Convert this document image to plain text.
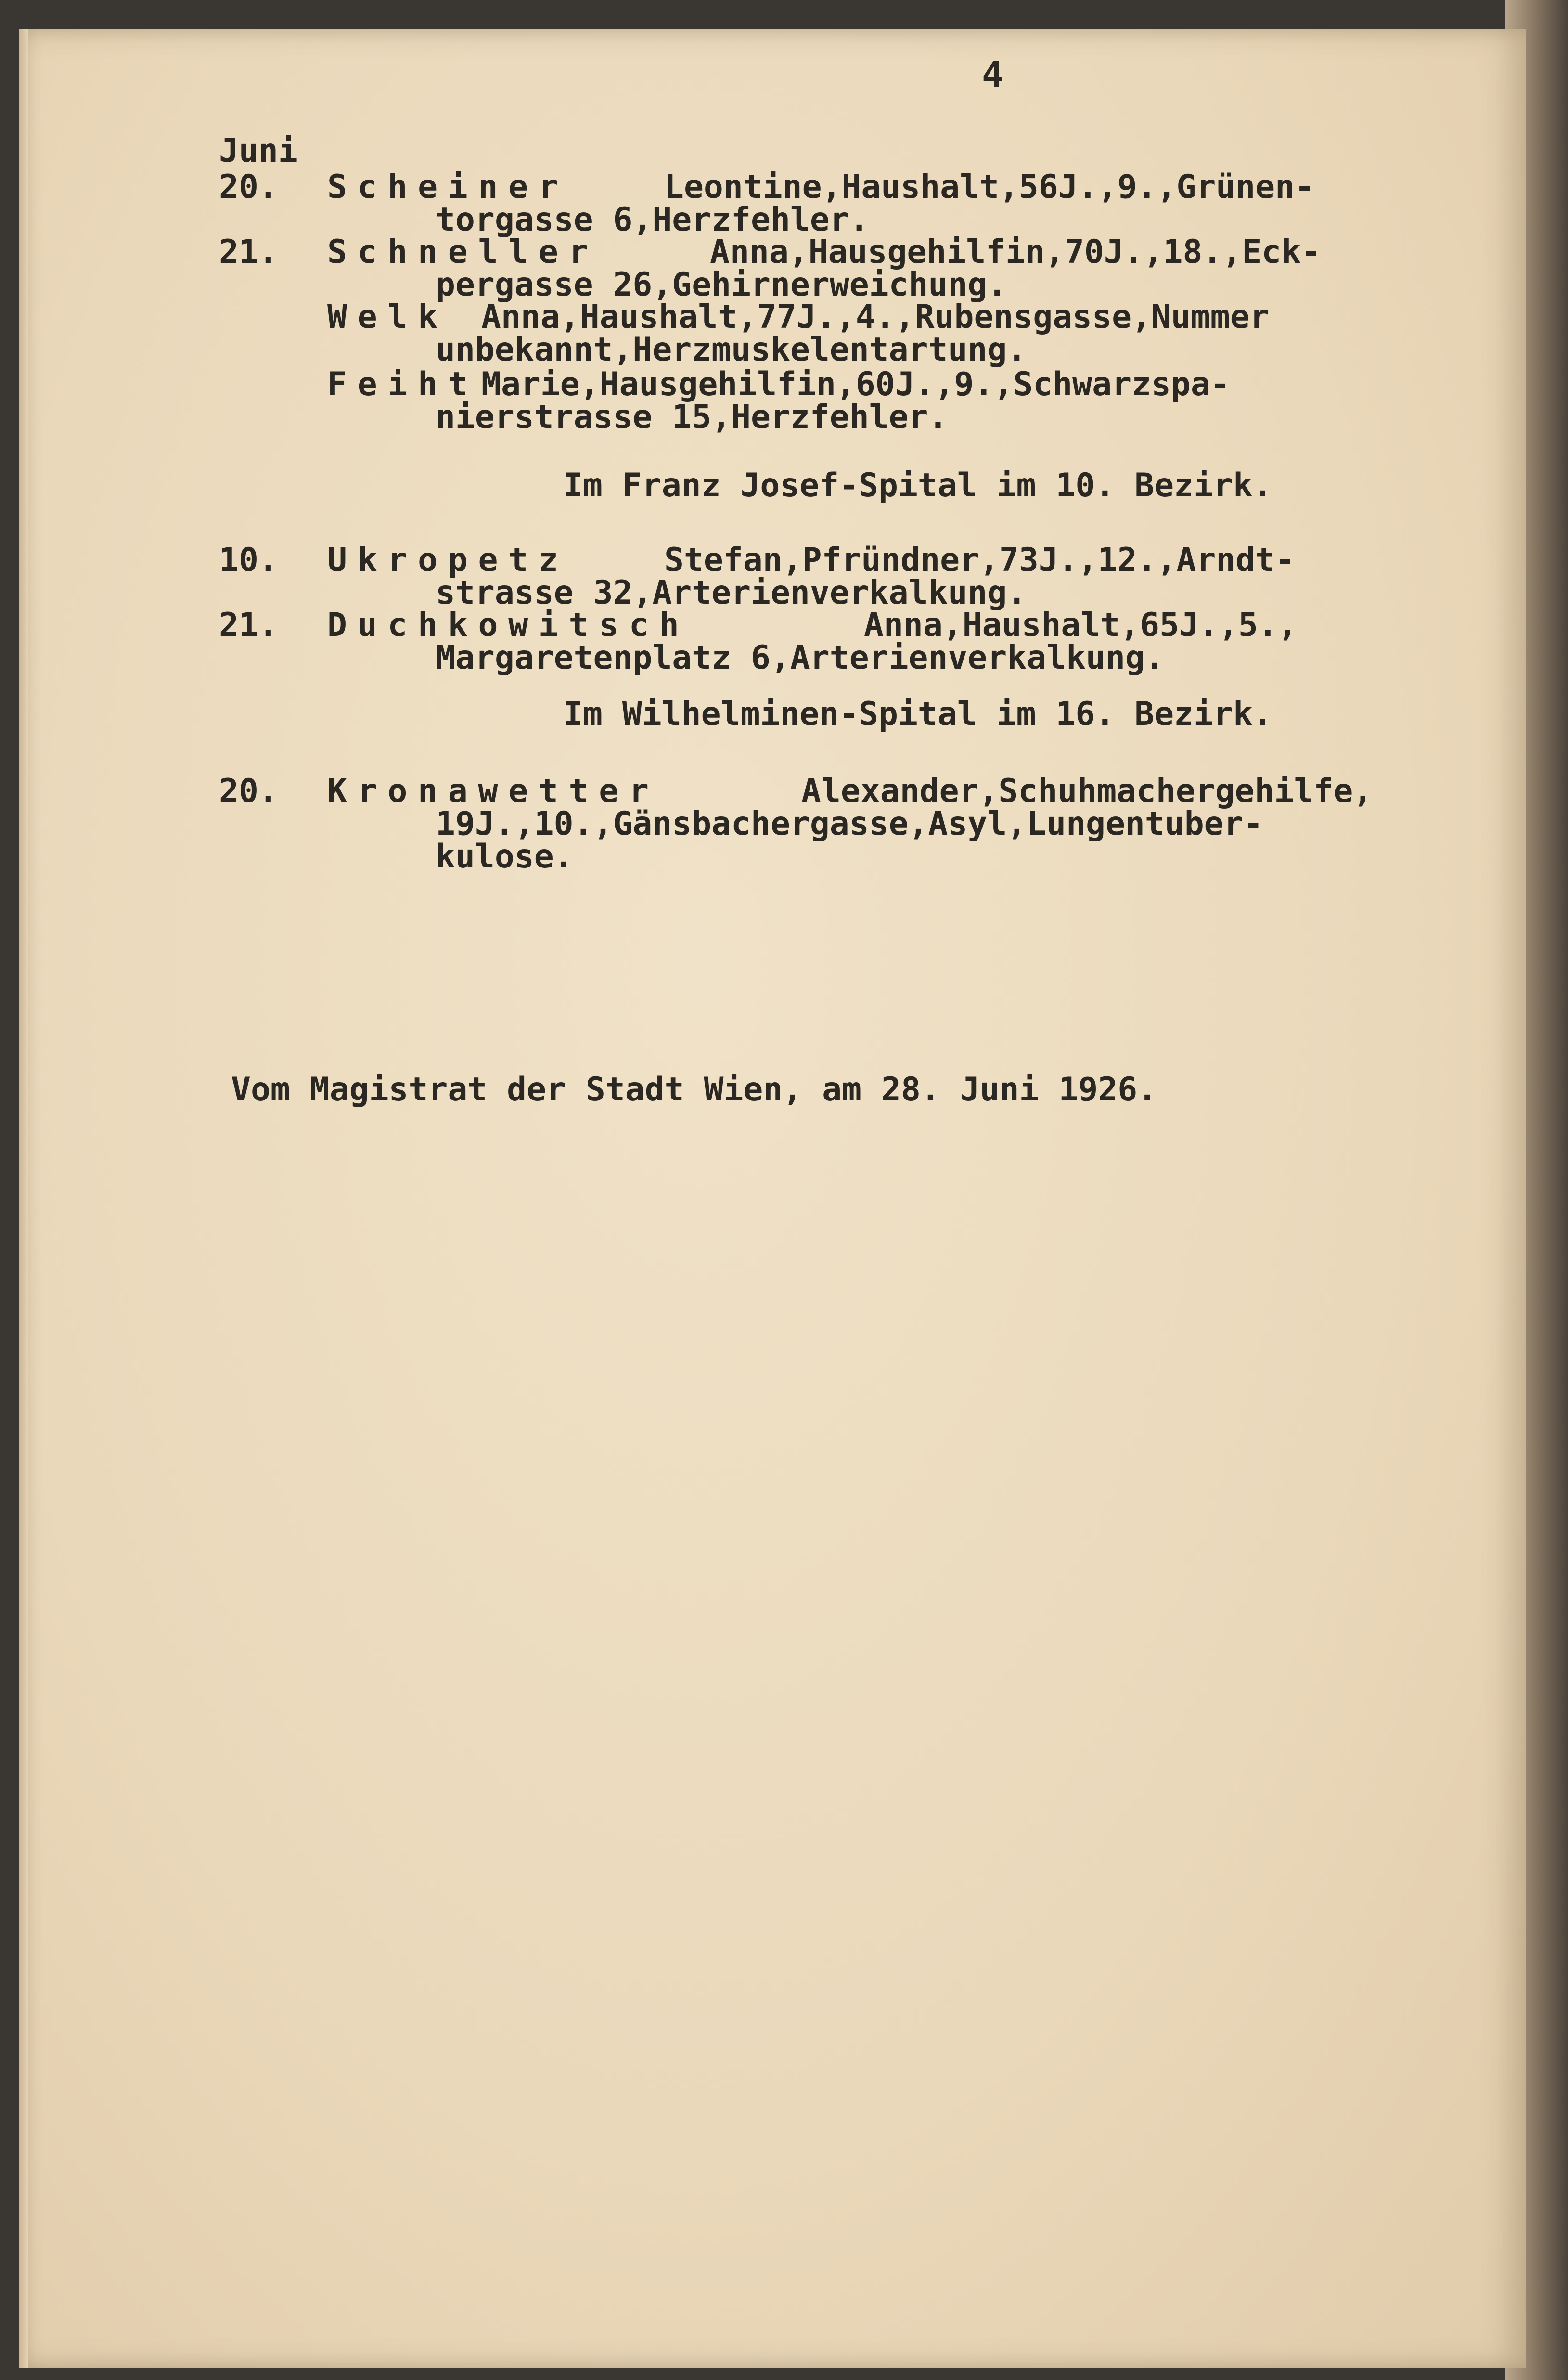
4
Juni
20. Scheiner	Leontine,Haushalt,56J.,9.,Grünen-
torgasse 6,Herzfehler.
21. Schneller	Anna,Hausgehilfin,70J.,18.,Eck-
pergasse 26,Gehirnerweichung.
Welk Anna,Haushalt,77J.,4.,Rubensgasse,Nummer
unbekannt,Herzmuskelentartung.
Feiht Marie,Hausgehilfin,60J.,9.,Schwarzspa-
nierstrasse 15,Herzfehler.
Im Franz Josef-Spital im 10. Bezirk.
10. Ukropetz	Stefan,Pfründner,73J.,12.,Arndt-
strasse 32,Arterienverkalkung.
21. Duchkowitsch	Anna,Haushalt,65J.,5.,
Margaretenplatz 6,Arterienverkalkung.
Im Wilhelminen-Spital im 16. Bezirk.
20. Kronawetter	Alexander,Schuhmachergehilfe,
19J.,10.,Gänsbachergasse,Asyl,Lungentuber-
kulose.
Vom Magistrat der Stadt Wien, am 28. Juni 1926.
